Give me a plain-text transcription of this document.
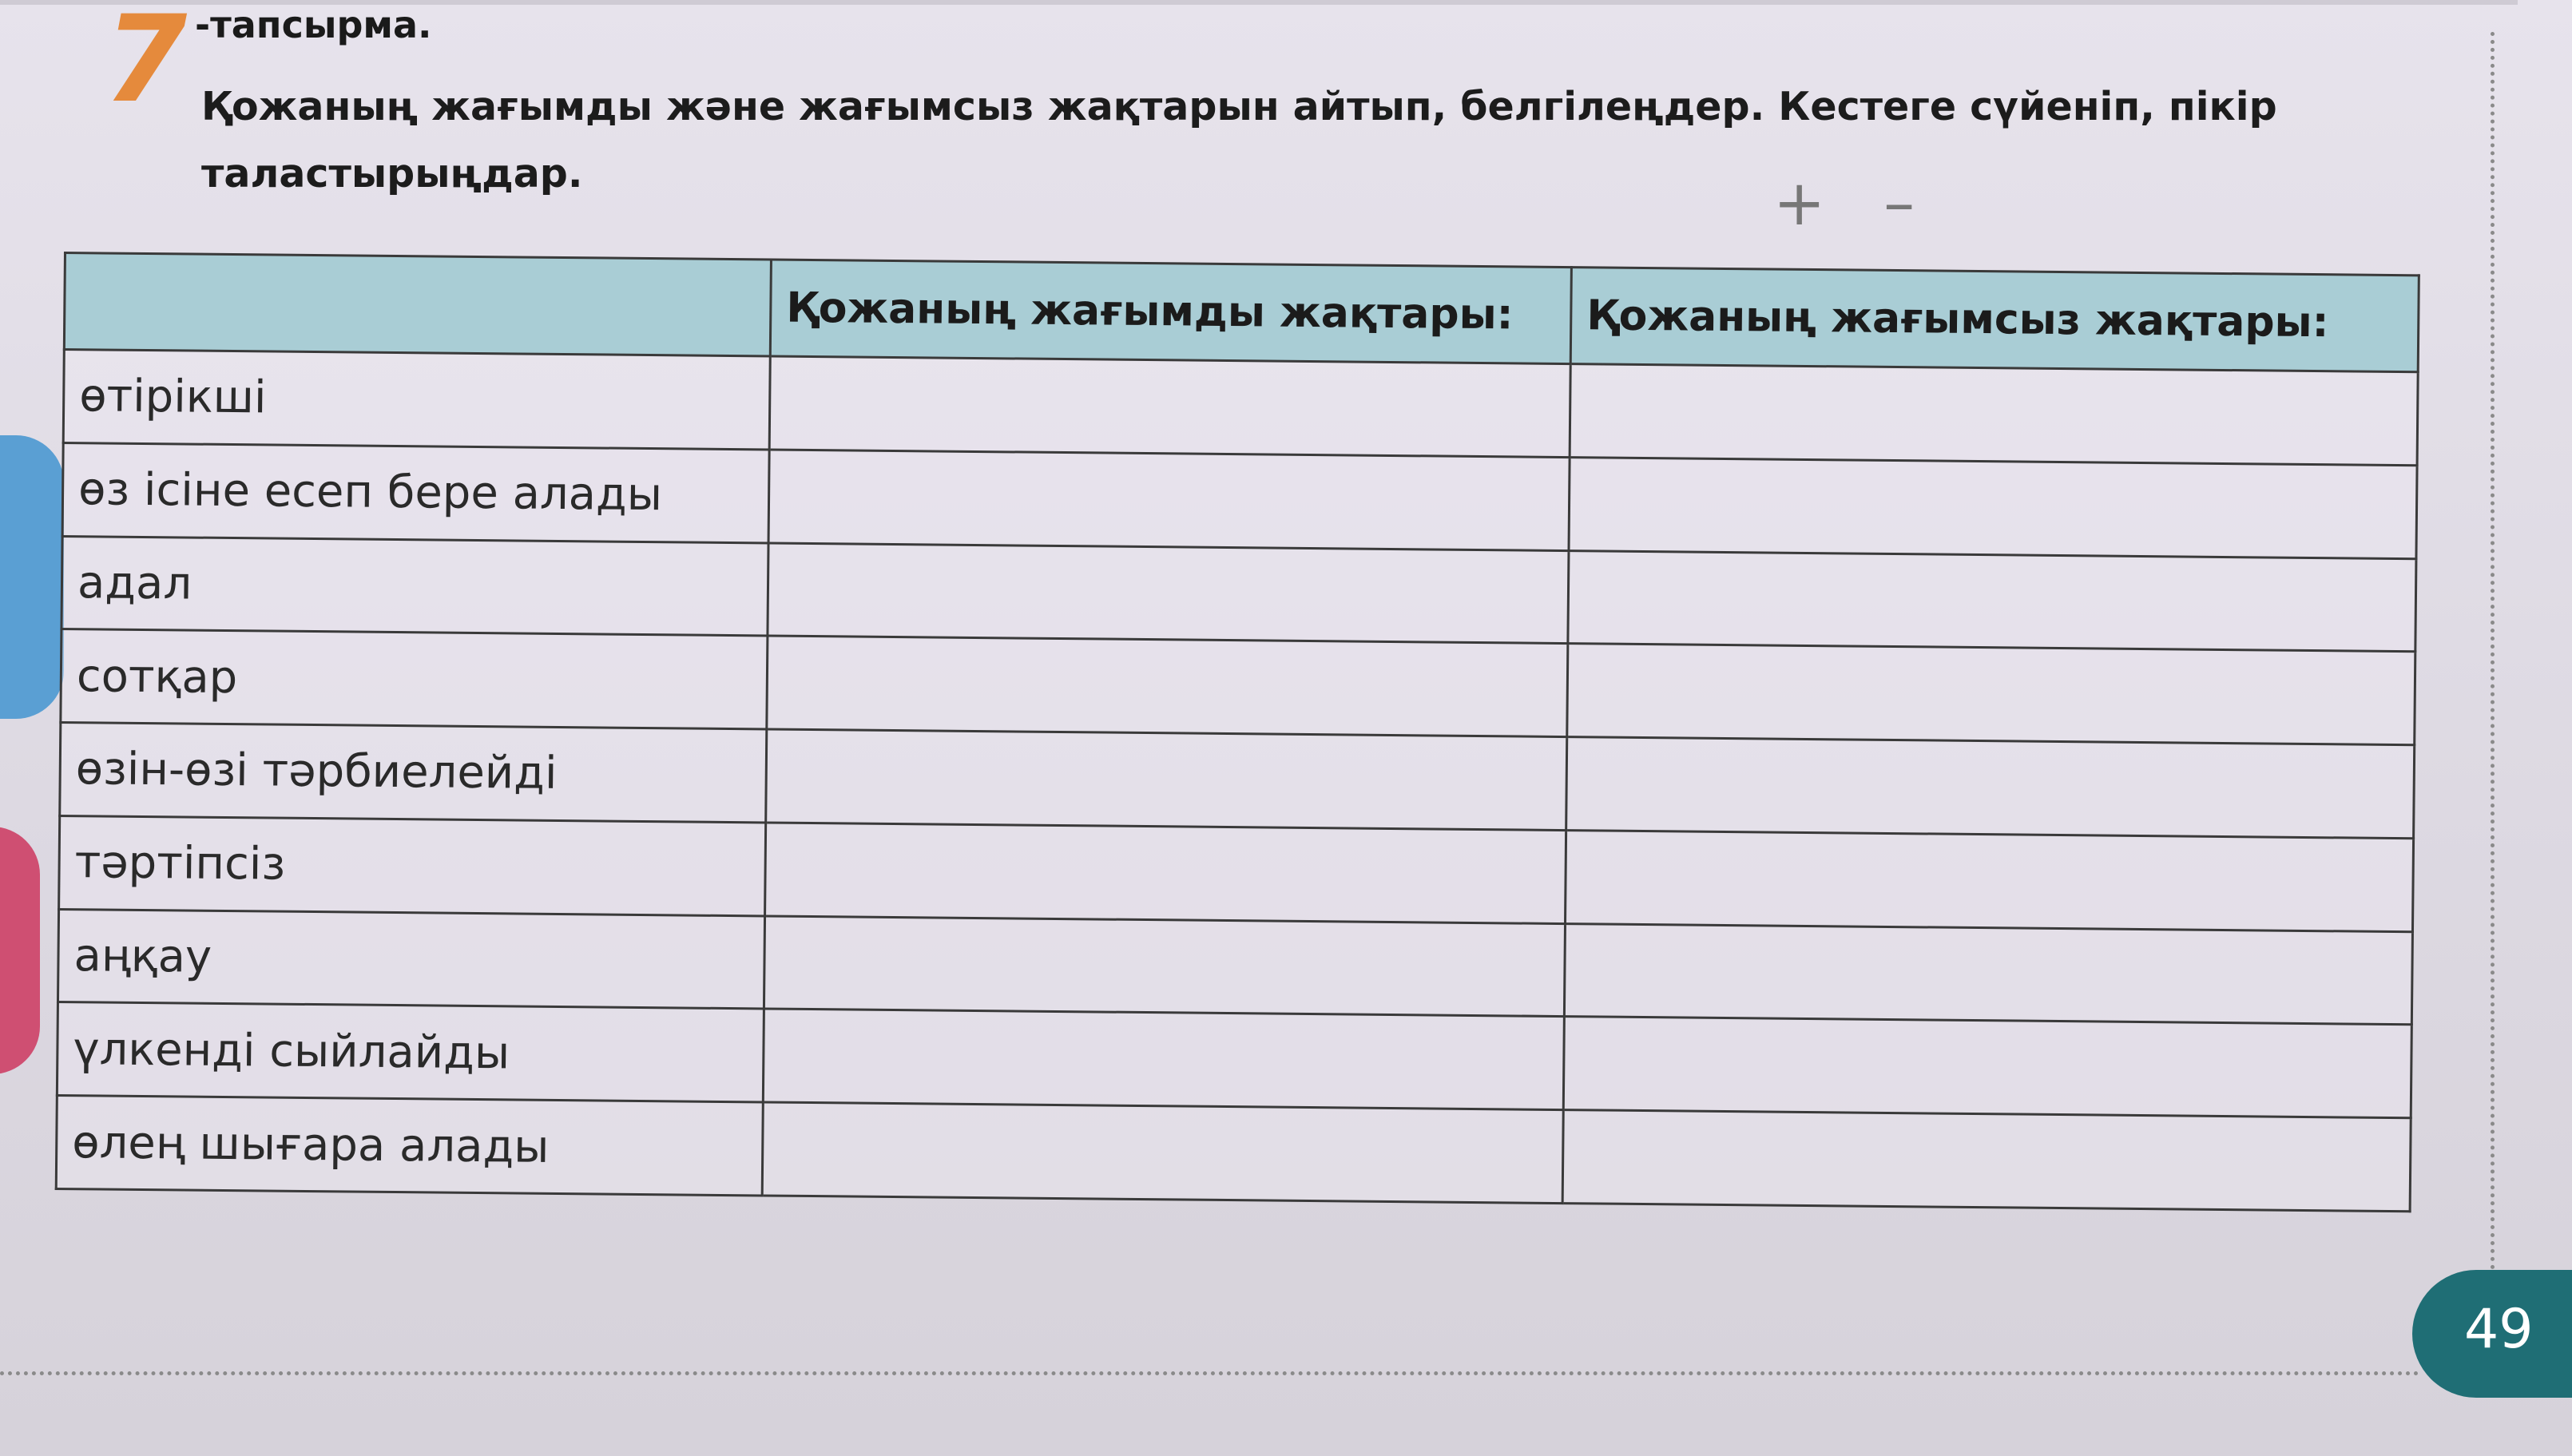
7 -тапсырма.
Қожаның жағымды және жағымсыз жақтарын айтып, белгілеңдер. Кестеге сүйеніп, пікір таластырыңдар.	+ –
	Қожаның жағымды жақтары:	Қожаның жағымсыз жақтары:
өтірікші		
өз ісіне есеп бере алады		
адал		
сотқар		
өзін-өзі тәрбиелейді		
тәртіпсіз		
аңқау		
үлкенді сыйлайды		
өлең шығара алады		
49
